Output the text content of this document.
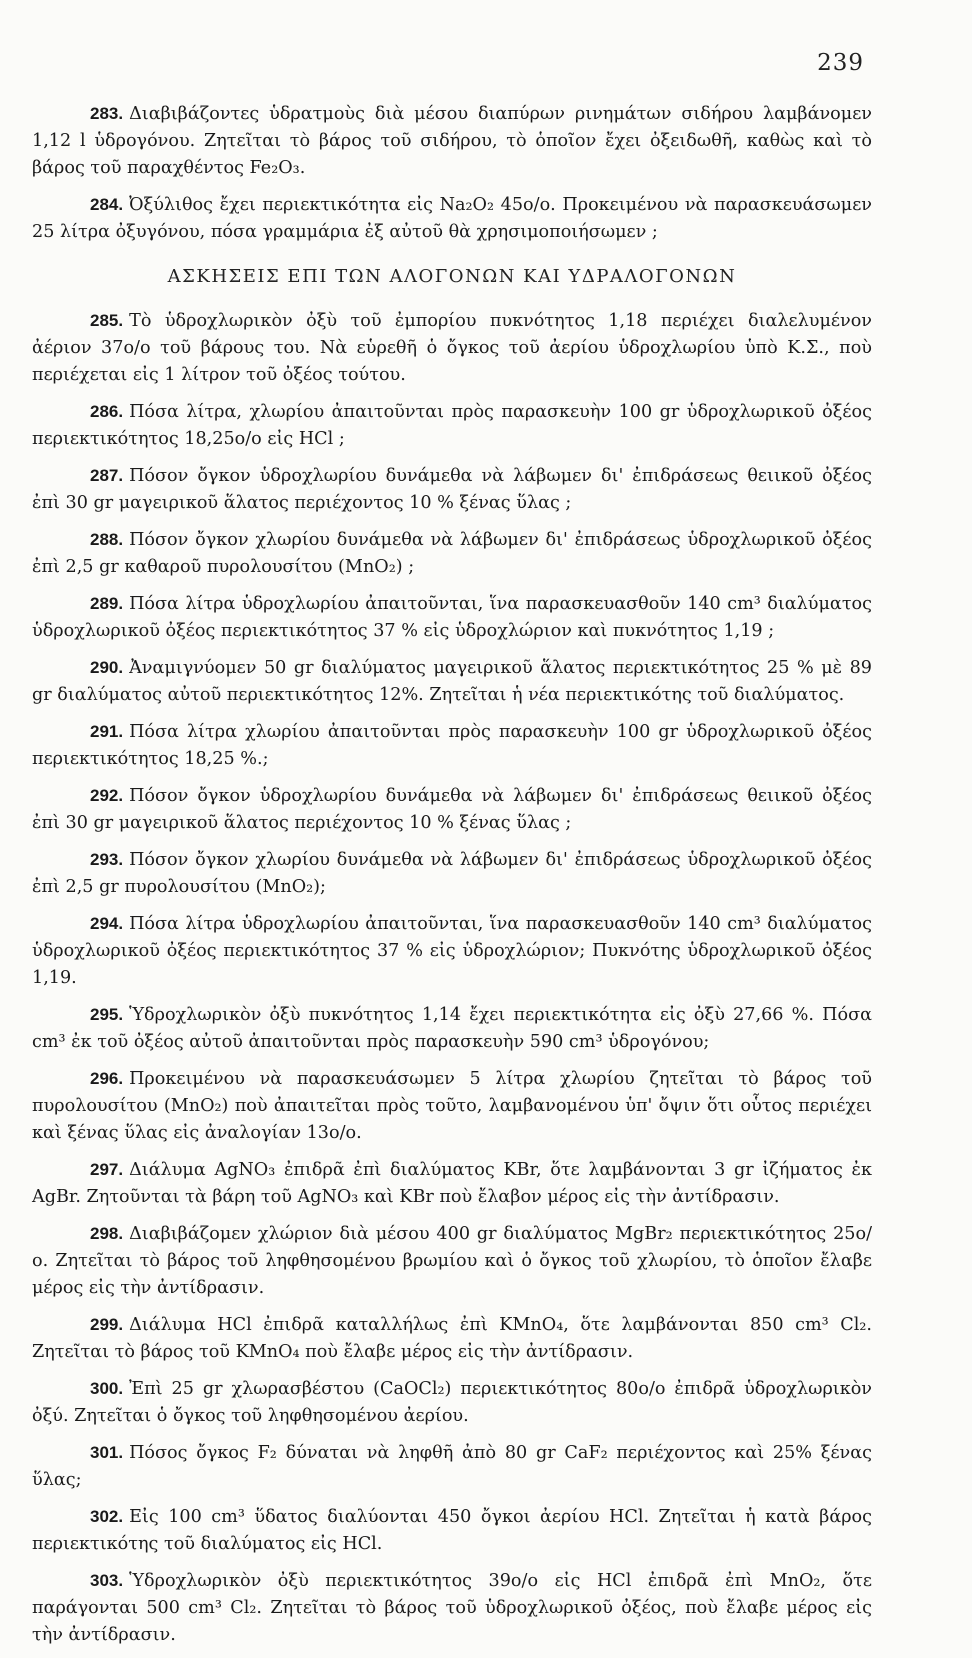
239

283. Διαβιβάζοντες ὑδρατμοὺς διὰ μέσου διαπύρων ρινημάτων σιδήρου λαμβάνομεν 1,12 l ὑδρογόνου. Ζητεῖται τὸ βάρος τοῦ σιδήρου, τὸ ὁποῖον ἔχει ὀξειδωθῆ, καθὼς καὶ τὸ βάρος τοῦ παραχθέντος Fe₂O₃.

284. Ὀξύλιθος ἔχει περιεκτικότητα εἰς Na₂O₂ 45ο/ο. Προκειμένου νὰ παρασκευάσωμεν 25 λίτρα ὀξυγόνου, πόσα γραμμάρια ἐξ αὐτοῦ θὰ χρησιμοποιήσωμεν ;

ΑΣΚΗΣΕΙΣ ΕΠΙ ΤΩΝ ΑΛΟΓΟΝΩΝ ΚΑΙ ΥΔΡΑΛΟΓΟΝΩΝ

285. Τὸ ὑδροχλωρικὸν ὀξὺ τοῦ ἐμπορίου πυκνότητος 1,18 περιέχει διαλελυμένον ἀέριον 37ο/ο τοῦ βάρους του. Νὰ εὑρεθῆ ὁ ὄγκος τοῦ ἀερίου ὑδροχλωρίου ὑπὸ Κ.Σ., ποὺ περιέχεται εἰς 1 λίτρον τοῦ ὀξέος τούτου.

286. Πόσα λίτρα, χλωρίου ἀπαιτοῦνται πρὸς παρασκευὴν 100 gr ὑδροχλωρικοῦ ὀξέος περιεκτικότητος 18,25ο/ο εἰς HCl ;

287. Πόσον ὄγκον ὑδροχλωρίου δυνάμεθα νὰ λάβωμεν δι' ἐπιδράσεως θειικοῦ ὀξέος ἐπὶ 30 gr μαγειρικοῦ ἅλατος περιέχοντος 10 % ξένας ὕλας ;

288. Πόσον ὄγκον χλωρίου δυνάμεθα νὰ λάβωμεν δι' ἐπιδράσεως ὑδροχλωρικοῦ ὀξέος ἐπὶ 2,5 gr καθαροῦ πυρολουσίτου (MnO₂) ;

289. Πόσα λίτρα ὑδροχλωρίου ἀπαιτοῦνται, ἵνα παρασκευασθοῦν 140 cm³ διαλύματος ὑδροχλωρικοῦ ὀξέος περιεκτικότητος 37 % εἰς ὑδροχλώριον καὶ πυκνότητος 1,19 ;

290. Ἀναμιγνύομεν 50 gr διαλύματος μαγειρικοῦ ἅλατος περιεκτικότητος 25 % μὲ 89 gr διαλύματος αὐτοῦ περιεκτικότητος 12%. Ζητεῖται ἡ νέα περιεκτικότης τοῦ διαλύματος.

291. Πόσα λίτρα χλωρίου ἀπαιτοῦνται πρὸς παρασκευὴν 100 gr ὑδροχλωρικοῦ ὀξέος περιεκτικότητος 18,25 %.;

292. Πόσον ὄγκον ὑδροχλωρίου δυνάμεθα νὰ λάβωμεν δι' ἐπιδράσεως θειικοῦ ὀξέος ἐπὶ 30 gr μαγειρικοῦ ἅλατος περιέχοντος 10 % ξένας ὕλας ;

293. Πόσον ὄγκον χλωρίου δυνάμεθα νὰ λάβωμεν δι' ἐπιδράσεως ὑδροχλωρικοῦ ὀξέος ἐπὶ 2,5 gr πυρολουσίτου (MnO₂);

294. Πόσα λίτρα ὑδροχλωρίου ἀπαιτοῦνται, ἵνα παρασκευασθοῦν 140 cm³ διαλύματος ὑδροχλωρικοῦ ὀξέος περιεκτικότητος 37 % εἰς ὑδροχλώριον; Πυκνότης ὑδροχλωρικοῦ ὀξέος 1,19.

295. Ὑδροχλωρικὸν ὀξὺ πυκνότητος 1,14 ἔχει περιεκτικότητα εἰς ὀξὺ 27,66 %. Πόσα cm³ ἐκ τοῦ ὀξέος αὐτοῦ ἀπαιτοῦνται πρὸς παρασκευὴν 590 cm³ ὑδρογόνου;

296. Προκειμένου νὰ παρασκευάσωμεν 5 λίτρα χλωρίου ζητεῖται τὸ βάρος τοῦ πυρολουσίτου (MnO₂) ποὺ ἀπαιτεῖται πρὸς τοῦτο, λαμβανομένου ὑπ' ὄψιν ὅτι οὗτος περιέχει καὶ ξένας ὕλας εἰς ἀναλογίαν 13ο/ο.

297. Διάλυμα AgNO₃ ἐπιδρᾶ ἐπὶ διαλύματος KBr, ὅτε λαμβάνονται 3 gr ἰζήματος ἐκ AgBr. Ζητοῦνται τὰ βάρη τοῦ AgNO₃ καὶ KBr ποὺ ἔλαβον μέρος εἰς τὴν ἀντίδρασιν.

298. Διαβιβάζομεν χλώριον διὰ μέσου 400 gr διαλύματος MgBr₂ περιεκτικότητος 25ο/ο. Ζητεῖται τὸ βάρος τοῦ ληφθησομένου βρωμίου καὶ ὁ ὄγκος τοῦ χλωρίου, τὸ ὁποῖον ἔλαβε μέρος εἰς τὴν ἀντίδρασιν.

299. Διάλυμα HCl ἐπιδρᾶ καταλλήλως ἐπὶ KMnO₄, ὅτε λαμβάνονται 850 cm³ Cl₂. Ζητεῖται τὸ βάρος τοῦ KMnO₄ ποὺ ἔλαβε μέρος εἰς τὴν ἀντίδρασιν.

300. Ἐπὶ 25 gr χλωρασβέστου (CaOCl₂) περιεκτικότητος 80ο/ο ἐπιδρᾶ ὑδροχλωρικὸν ὀξύ. Ζητεῖται ὁ ὄγκος τοῦ ληφθησομένου ἀερίου.

301. Πόσος ὄγκος F₂ δύναται νὰ ληφθῆ ἀπὸ 80 gr CaF₂ περιέχοντος καὶ 25% ξένας ὕλας;

302. Εἰς 100 cm³ ὕδατος διαλύονται 450 ὄγκοι ἀερίου HCl. Ζητεῖται ἡ κατὰ βάρος περιεκτικότης τοῦ διαλύματος εἰς HCl.

303. Ὑδροχλωρικὸν ὀξὺ περιεκτικότητος 39ο/ο εἰς HCl ἐπιδρᾶ ἐπὶ MnO₂, ὅτε παράγονται 500 cm³ Cl₂. Ζητεῖται τὸ βάρος τοῦ ὑδροχλωρικοῦ ὀξέος, ποὺ ἔλαβε μέρος εἰς τὴν ἀντίδρασιν.
